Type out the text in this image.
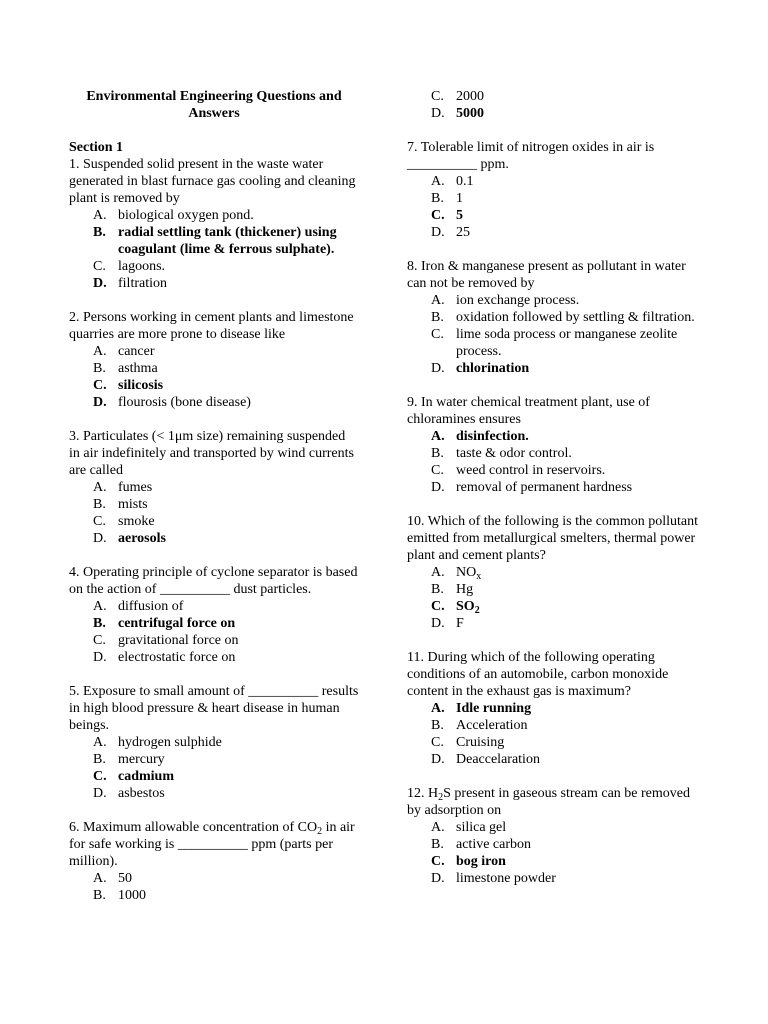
Environmental Engineering Questions and Answers

Section 1

1. Suspended solid present in the waste water generated in blast furnace gas cooling and cleaning plant is removed by

A. biological oxygen pond.
B. radial settling tank (thickener) using coagulant (lime & ferrous sulphate).
C. lagoons.
D. filtration

2. Persons working in cement plants and limestone quarries are more prone to disease like

A. cancer
B. asthma
C. silicosis
D. flourosis (bone disease)

3. Particulates (< 1μm size) remaining suspended in air indefinitely and transported by wind currents are called

A. fumes
B. mists
C. smoke
D. aerosols

4. Operating principle of cyclone separator is based on the action of __________ dust particles.

A. diffusion of
B. centrifugal force on
C. gravitational force on
D. electrostatic force on

5. Exposure to small amount of __________ results in high blood pressure & heart disease in human beings.

A. hydrogen sulphide
B. mercury
C. cadmium
D. asbestos

6. Maximum allowable concentration of $CO_2$ in air for safe working is __________ ppm (parts per million).

A. 50
B. 1000
C. 2000
D. 5000

7. Tolerable limit of nitrogen oxides in air is __________ ppm.

A. 0.1
B. 1
C. 5
D. 25

8. Iron & manganese present as pollutant in water can not be removed by

A. ion exchange process.
B. oxidation followed by settling & filtration.
C. lime soda process or manganese zeolite process.
D. chlorination

9. In water chemical treatment plant, use of chloramines ensures

A. disinfection.
B. taste & odor control.
C. weed control in reservoirs.
D. removal of permanent hardness

10. Which of the following is the common pollutant emitted from metallurgical smelters, thermal power plant and cement plants?

A. $NO_x$
B. Hg
C. $SO_2$
D. F

11. During which of the following operating conditions of an automobile, carbon monoxide content in the exhaust gas is maximum?

A. Idle running
B. Acceleration
C. Cruising
D. Deaccelaration

12. $H_2S$ present in gaseous stream can be removed by adsorption on

A. silica gel
B. active carbon
C. bog iron
D. limestone powder
